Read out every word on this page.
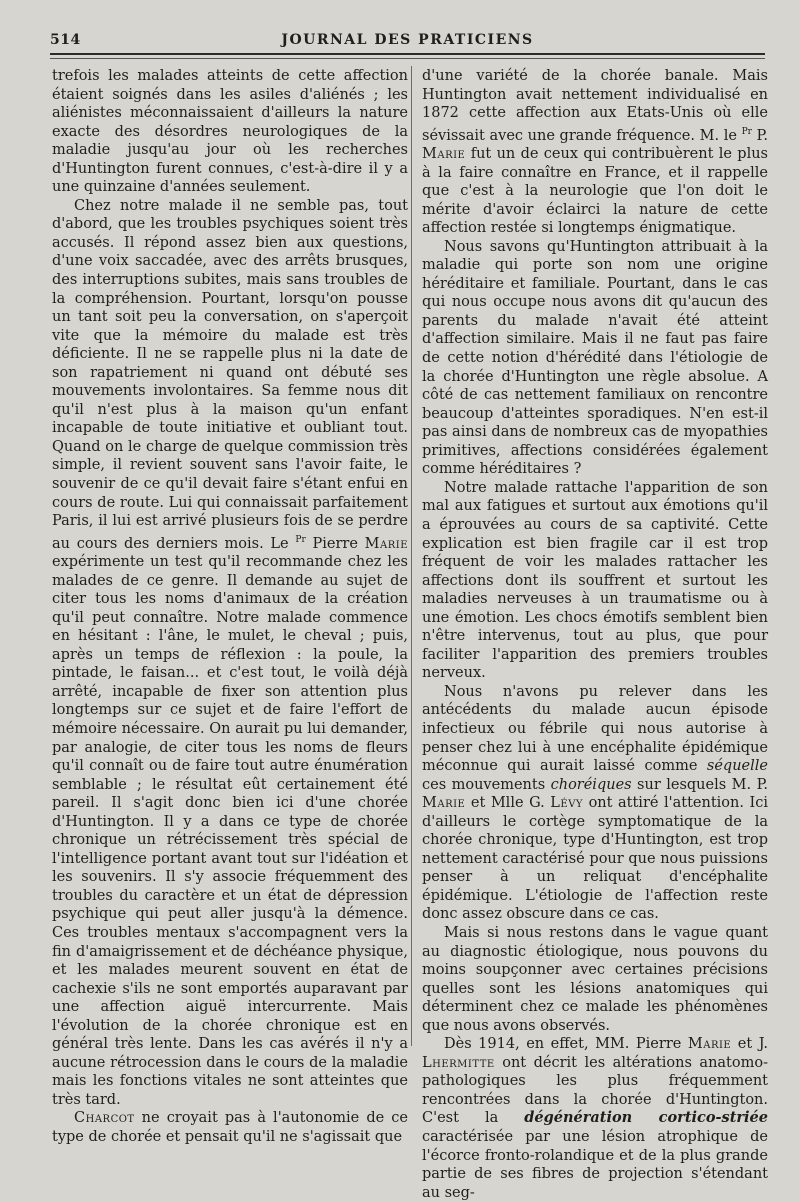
514	JOURNAL DES PRATICIENS

trefois les malades atteints de cette affection étaient soignés dans les asiles d'aliénés ; les aliénistes méconnaissaient d'ailleurs la nature exacte des désordres neurologiques de la maladie jusqu'au jour où les recherches d'Huntington furent connues, c'est-à-dire il y a une quinzaine d'années seulement.

Chez notre malade il ne semble pas, tout d'abord, que les troubles psychiques soient très accusés. Il répond assez bien aux questions, d'une voix saccadée, avec des arrêts brusques, des interruptions subites, mais sans troubles de la compréhension. Pourtant, lorsqu'on pousse un tant soit peu la conversation, on s'aperçoit vite que la mémoire du malade est très déficiente. Il ne se rappelle plus ni la date de son rapatriement ni quand ont débuté ses mouvements involontaires. Sa femme nous dit qu'il n'est plus à la maison qu'un enfant incapable de toute initiative et oubliant tout. Quand on le charge de quelque commission très simple, il revient souvent sans l'avoir faite, le souvenir de ce qu'il devait faire s'étant enfui en cours de route. Lui qui connaissait parfaitement Paris, il lui est arrivé plusieurs fois de se perdre au cours des derniers mois. Le $^{Pr}$ Pierre Marie expérimente un test qu'il recommande chez les malades de ce genre. Il demande au sujet de citer tous les noms d'animaux de la création qu'il peut connaître. Notre malade commence en hésitant : l'âne, le mulet, le cheval ; puis, après un temps de réflexion : la poule, la pintade, le faisan... et c'est tout, le voilà déjà arrêté, incapable de fixer son attention plus longtemps sur ce sujet et de faire l'effort de mémoire nécessaire. On aurait pu lui demander, par analogie, de citer tous les noms de fleurs qu'il connaît ou de faire tout autre énumération semblable ; le résultat eût certainement été pareil. Il s'agit donc bien ici d'une chorée d'Huntington. Il y a dans ce type de chorée chronique un rétrécissement très spécial de l'intelligence portant avant tout sur l'idéation et les souvenirs. Il s'y associe fréquemment des troubles du caractère et un état de dépression psychique qui peut aller jusqu'à la démence. Ces troubles mentaux s'accompagnent vers la fin d'amaigrissement et de déchéance physique, et les malades meurent souvent en état de cachexie s'ils ne sont emportés auparavant par une affection aiguë intercurrente. Mais l'évolution de la chorée chronique est en général très lente. Dans les cas avérés il n'y a aucune rétrocession dans le cours de la maladie mais les fonctions vitales ne sont atteintes que très tard.

Charcot ne croyait pas à l'autonomie de ce type de chorée et pensait qu'il ne s'agissait que

d'une variété de la chorée banale. Mais Huntington avait nettement individualisé en 1872 cette affection aux Etats-Unis où elle sévissait avec une grande fréquence. M. le $^{Pr}$ P. Marie fut un de ceux qui contribuèrent le plus à la faire connaître en France, et il rappelle que c'est à la neurologie que l'on doit le mérite d'avoir éclairci la nature de cette affection restée si longtemps énigmatique.

Nous savons qu'Huntington attribuait à la maladie qui porte son nom une origine héréditaire et familiale. Pourtant, dans le cas qui nous occupe nous avons dit qu'aucun des parents du malade n'avait été atteint d'affection similaire. Mais il ne faut pas faire de cette notion d'hérédité dans l'étiologie de la chorée d'Huntington une règle absolue. A côté de cas nettement familiaux on rencontre beaucoup d'atteintes sporadiques. N'en est-il pas ainsi dans de nombreux cas de myopathies primitives, affections considérées également comme héréditaires ?

Notre malade rattache l'apparition de son mal aux fatigues et surtout aux émotions qu'il a éprouvées au cours de sa captivité. Cette explication est bien fragile car il est trop fréquent de voir les malades rattacher les affections dont ils souffrent et surtout les maladies nerveuses à un traumatisme ou à une émotion. Les chocs émotifs semblent bien n'être intervenus, tout au plus, que pour faciliter l'apparition des premiers troubles nerveux.

Nous n'avons pu relever dans les antécédents du malade aucun épisode infectieux ou fébrile qui nous autorise à penser chez lui à une encéphalite épidémique méconnue qui aurait laissé comme séquelle ces mouvements choréiques sur lesquels M. P. Marie et Mlle G. Lévy ont attiré l'attention. Ici d'ailleurs le cortège symptomatique de la chorée chronique, type d'Huntington, est trop nettement caractérisé pour que nous puissions penser à un reliquat d'encéphalite épidémique. L'étiologie de l'affection reste donc assez obscure dans ce cas.

Mais si nous restons dans le vague quant au diagnostic étiologique, nous pouvons du moins soupçonner avec certaines précisions quelles sont les lésions anatomiques qui déterminent chez ce malade les phénomènes que nous avons observés.

Dès 1914, en effet, MM. Pierre Marie et J. Lhermitte ont décrit les altérations anatomo-pathologiques les plus fréquemment rencontrées dans la chorée d'Huntington. C'est la dégénération cortico-striée caractérisée par une lésion atrophique de l'écorce fronto-rolandique et de la plus grande partie de ses fibres de projection s'étendant au seg-
